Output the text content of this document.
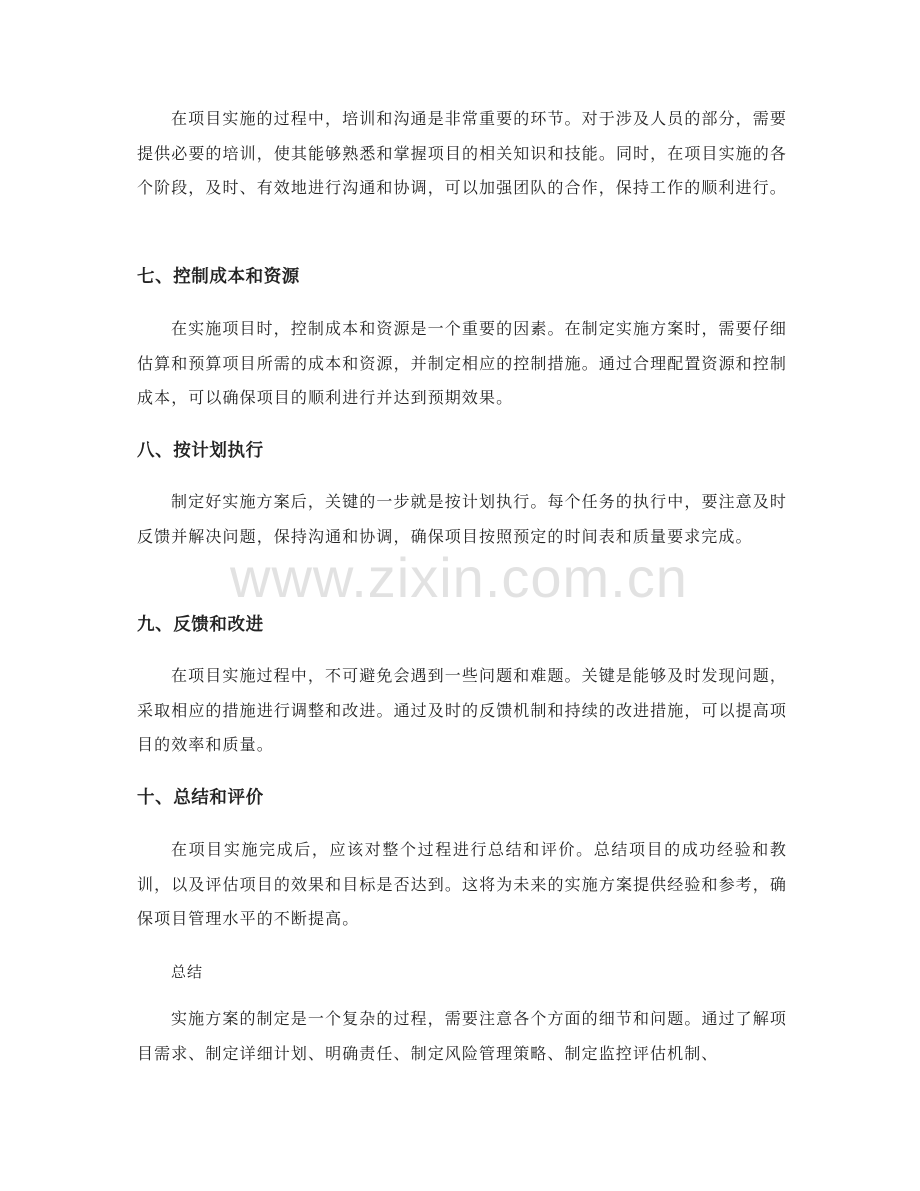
在项目实施的过程中，培训和沟通是非常重要的环节。对于涉及人员的部分，需要提供必要的培训，使其能够熟悉和掌握项目的相关知识和技能。同时，在项目实施的各个阶段，及时、有效地进行沟通和协调，可以加强团队的合作，保持工作的顺利进行。

七、控制成本和资源

在实施项目时，控制成本和资源是一个重要的因素。在制定实施方案时，需要仔细估算和预算项目所需的成本和资源，并制定相应的控制措施。通过合理配置资源和控制成本，可以确保项目的顺利进行并达到预期效果。

八、按计划执行

制定好实施方案后，关键的一步就是按计划执行。每个任务的执行中，要注意及时反馈并解决问题，保持沟通和协调，确保项目按照预定的时间表和质量要求完成。

九、反馈和改进

在项目实施过程中，不可避免会遇到一些问题和难题。关键是能够及时发现问题，采取相应的措施进行调整和改进。通过及时的反馈机制和持续的改进措施，可以提高项目的效率和质量。

十、总结和评价

在项目实施完成后，应该对整个过程进行总结和评价。总结项目的成功经验和教训，以及评估项目的效果和目标是否达到。这将为未来的实施方案提供经验和参考，确保项目管理水平的不断提高。

总结

实施方案的制定是一个复杂的过程，需要注意各个方面的细节和问题。通过了解项目需求、制定详细计划、明确责任、制定风险管理策略、制定监控评估机制、

www.zixin.com.cn
